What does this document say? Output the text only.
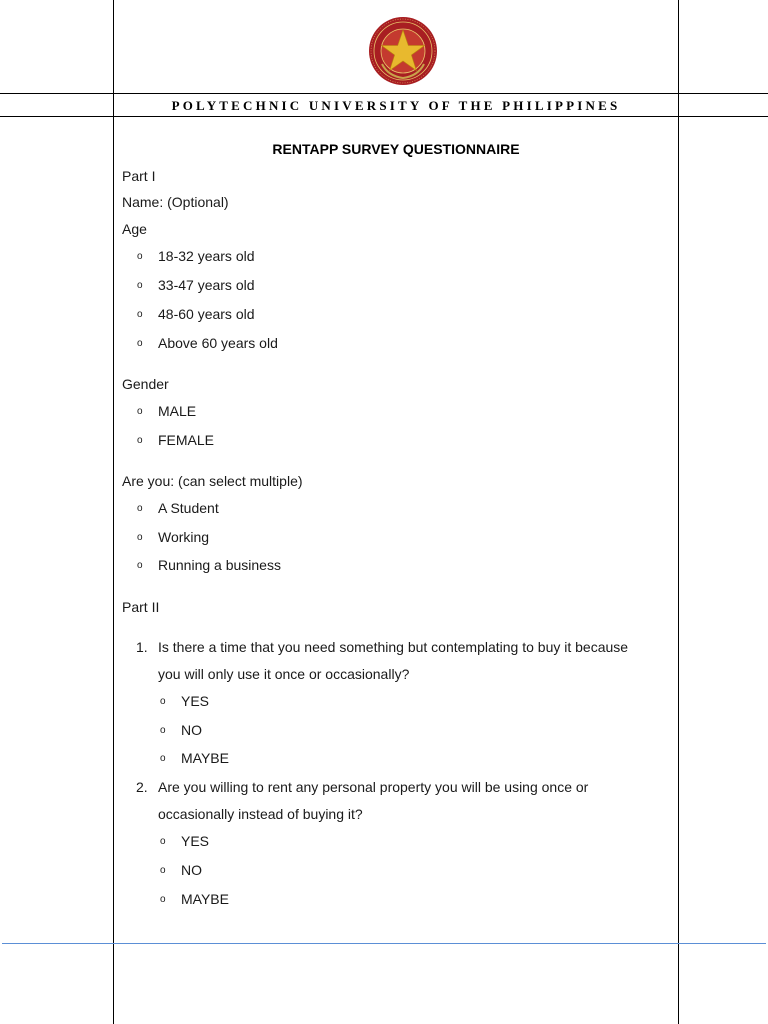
POLYTECHNIC UNIVERSITY OF THE PHILIPPINES
RENTAPP SURVEY QUESTIONNAIRE
Part I
Name: (Optional)
Age
o 18-32 years old
o 33-47 years old
o 48-60 years old
o Above 60 years old
Gender
o MALE
o FEMALE
Are you: (can select multiple)
o A Student
o Working
o Running a business
Part II
1. Is there a time that you need something but contemplating to buy it because
you will only use it once or occasionally?
o YES
o NO
o MAYBE
2. Are you willing to rent any personal property you will be using once or
occasionally instead of buying it?
o YES
o NO
o MAYBE
